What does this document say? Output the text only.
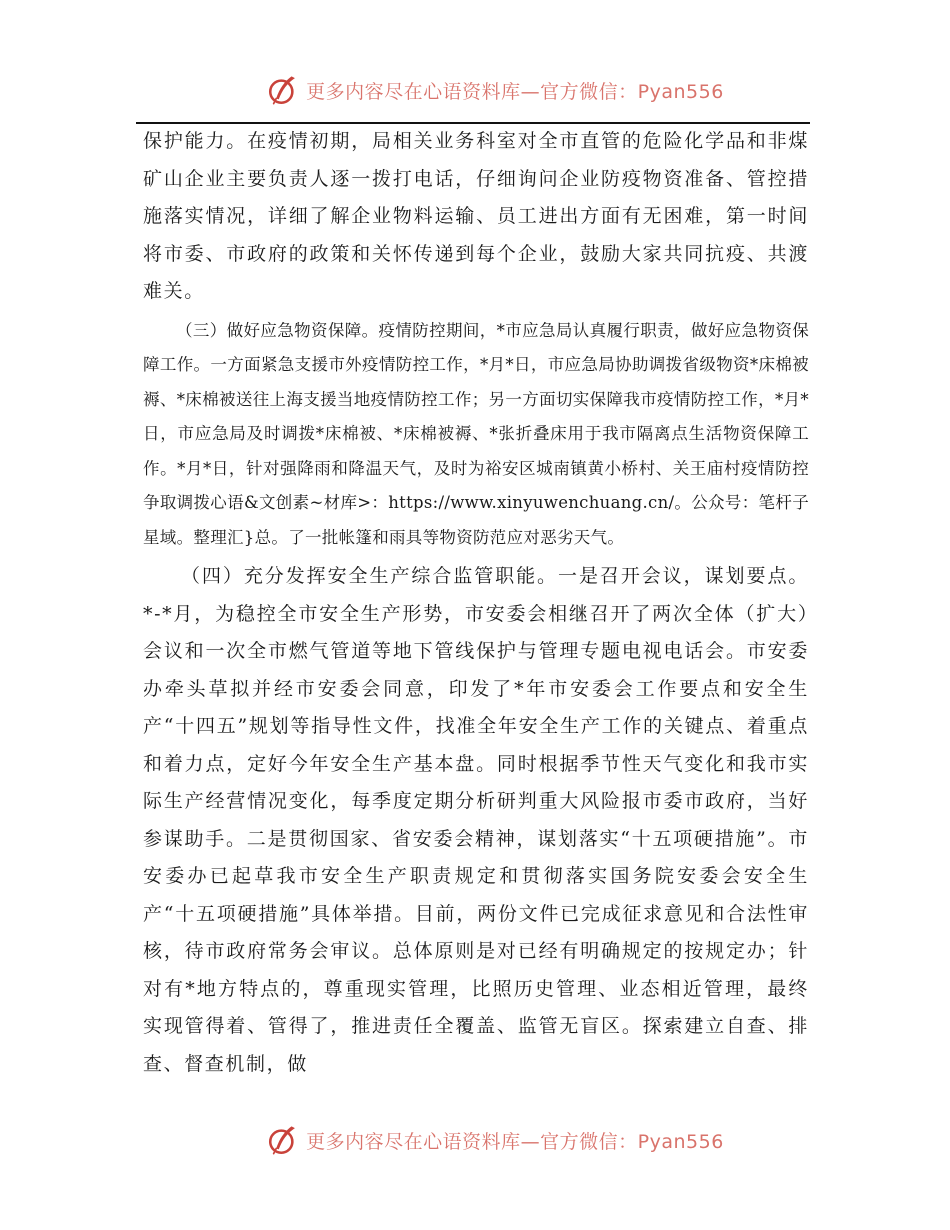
更多内容尽在心语资料库—官方微信：Pyan556

保护能力。在疫情初期，局相关业务科室对全市直管的危险化学品和非煤矿山企业主要负责人逐一拨打电话，仔细询问企业防疫物资准备、管控措施落实情况，详细了解企业物料运输、员工进出方面有无困难，第一时间将市委、市政府的政策和关怀传递到每个企业，鼓励大家共同抗疫、共渡难关。

（三）做好应急物资保障。疫情防控期间，*市应急局认真履行职责，做好应急物资保障工作。一方面紧急支援市外疫情防控工作，*月*日，市应急局协助调拨省级物资*床棉被褥、*床棉被送往上海支援当地疫情防控工作；另一方面切实保障我市疫情防控工作，*月*日，市应急局及时调拨*床棉被、*床棉被褥、*张折叠床用于我市隔离点生活物资保障工作。*月*日，针对强降雨和降温天气，及时为裕安区城南镇黄小桥村、关王庙村疫情防控争取调拨心语&文创素~材库>：https://www.xinyuwenchuang.cn/。公众号：笔杆子星域。整理汇}总。了一批帐篷和雨具等物资防范应对恶劣天气。

（四）充分发挥安全生产综合监管职能。一是召开会议，谋划要点。*-*月，为稳控全市安全生产形势，市安委会相继召开了两次全体（扩大）会议和一次全市燃气管道等地下管线保护与管理专题电视电话会。市安委办牵头草拟并经市安委会同意，印发了*年市安委会工作要点和安全生产“十四五”规划等指导性文件，找准全年安全生产工作的关键点、着重点和着力点，定好今年安全生产基本盘。同时根据季节性天气变化和我市实际生产经营情况变化，每季度定期分析研判重大风险报市委市政府，当好参谋助手。二是贯彻国家、省安委会精神，谋划落实“十五项硬措施”。市安委办已起草我市安全生产职责规定和贯彻落实国务院安委会安全生产“十五项硬措施”具体举措。目前，两份文件已完成征求意见和合法性审核，待市政府常务会审议。总体原则是对已经有明确规定的按规定办；针对有*地方特点的，尊重现实管理，比照历史管理、业态相近管理，最终实现管得着、管得了，推进责任全覆盖、监管无盲区。探索建立自查、排查、督查机制，做

更多内容尽在心语资料库—官方微信：Pyan556
